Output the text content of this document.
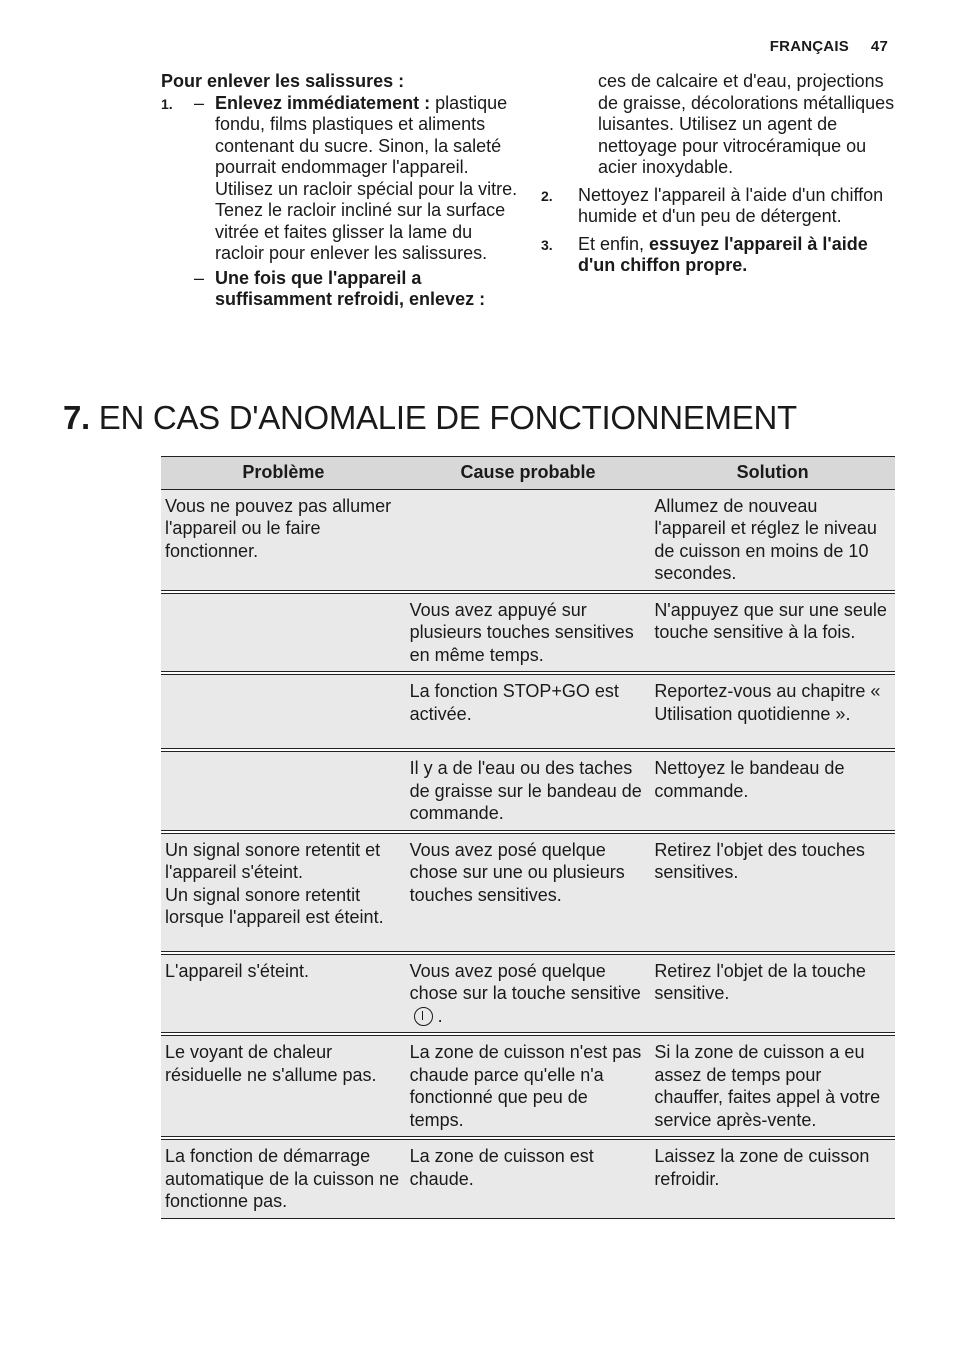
FRANÇAIS 47
Pour enlever les salissures :
1.	– Enlevez immédiatement : plastique fondu, films plastiques et aliments contenant du sucre. Sinon, la saleté pourrait endommager l'appareil. Utilisez un racloir spécial pour la vitre. Tenez le racloir incliné sur la surface vitrée et faites glisser la lame du racloir pour enlever les salissures.
– Une fois que l'appareil a suffisamment refroidi, enlevez :
ces de calcaire et d'eau, projections de graisse, décolorations métalliques luisantes. Utilisez un agent de nettoyage pour vitrocéramique ou acier inoxydable.
2.	Nettoyez l'appareil à l'aide d'un chiffon humide et d'un peu de détergent.
3.	Et enfin, essuyez l'appareil à l'aide d'un chiffon propre.
7. EN CAS D'ANOMALIE DE FONCTIONNEMENT
Problème	Cause probable	Solution
Vous ne pouvez pas allumer l'appareil ou le faire fonctionner.		Allumez de nouveau l'appareil et réglez le niveau de cuisson en moins de 10 secondes.

	Vous avez appuyé sur plusieurs touches sensitives en même temps.	N'appuyez que sur une seule touche sensitive à la fois.

	La fonction STOP+GO est activée.	Reportez-vous au chapitre « Utilisation quotidienne ».

	Il y a de l'eau ou des taches de graisse sur le bandeau de commande.	Nettoyez le bandeau de commande.

Un signal sonore retentit et l'appareil s'éteint.
Un signal sonore retentit lorsque l'appareil est éteint.	Vous avez posé quelque chose sur une ou plusieurs touches sensitives.	Retirez l'objet des touches sensitives.

L'appareil s'éteint.	Vous avez posé quelque chose sur la touche sensitive .	Retirez l'objet de la touche sensitive.

Le voyant de chaleur résiduelle ne s'allume pas.	La zone de cuisson n'est pas chaude parce qu'elle n'a fonctionné que peu de temps.	Si la zone de cuisson a eu assez de temps pour chauffer, faites appel à votre service après-vente.

La fonction de démarrage automatique de la cuisson ne fonctionne pas.	La zone de cuisson est chaude.	Laissez la zone de cuisson refroidir.
